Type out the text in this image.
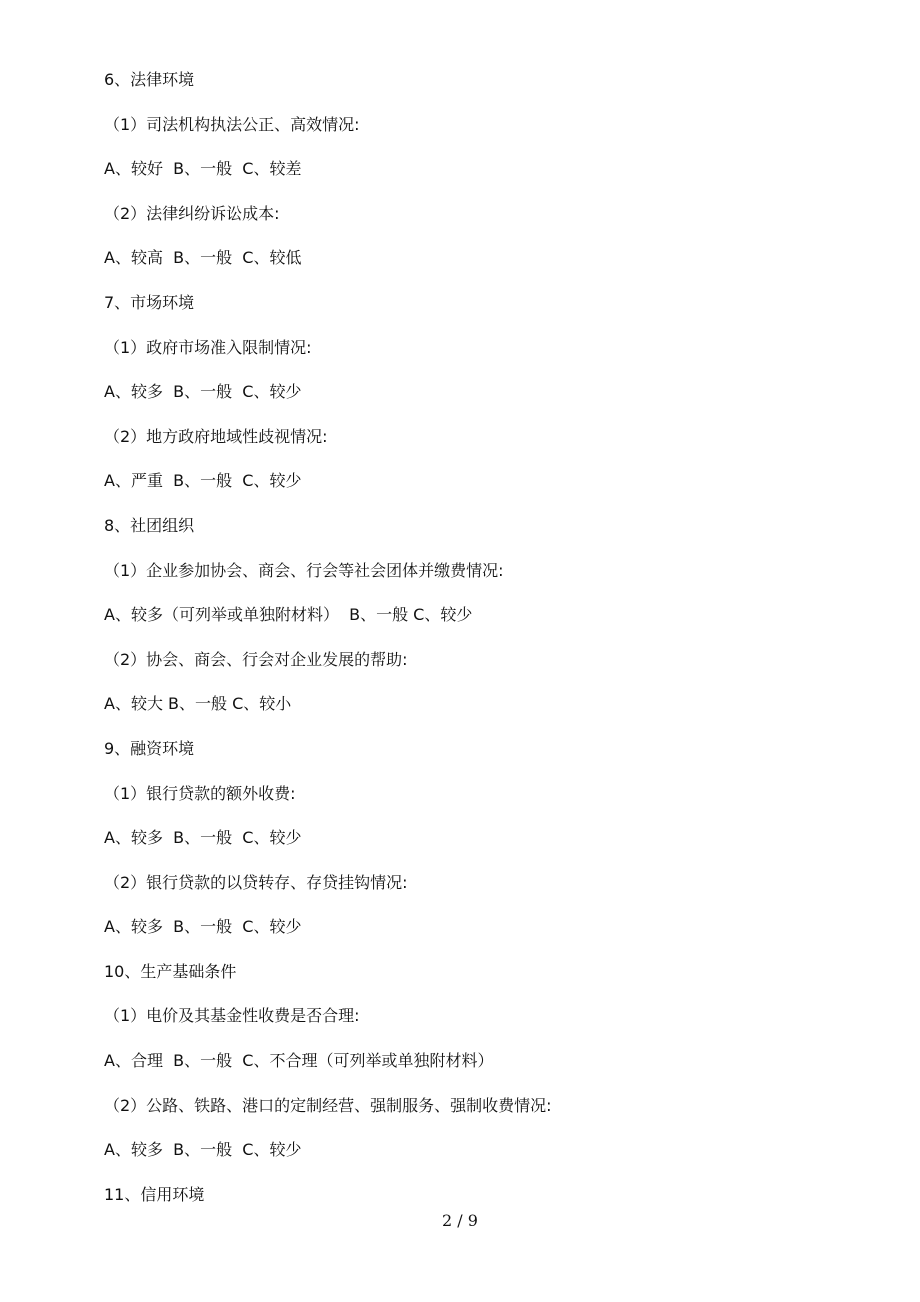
6、法律环境
（1）司法机构执法公正、高效情况:
A、较好  B、一般  C、较差
（2）法律纠纷诉讼成本:
A、较高  B、一般  C、较低
7、市场环境
（1）政府市场准入限制情况:
A、较多  B、一般  C、较少
（2）地方政府地域性歧视情况:
A、严重  B、一般  C、较少
8、社团组织
（1）企业参加协会、商会、行会等社会团体并缴费情况:
A、较多（可列举或单独附材料）  B、一般 C、较少
（2）协会、商会、行会对企业发展的帮助:
A、较大 B、一般 C、较小
9、融资环境
（1）银行贷款的额外收费:
A、较多  B、一般  C、较少
（2）银行贷款的以贷转存、存贷挂钩情况:
A、较多  B、一般  C、较少
10、生产基础条件
（1）电价及其基金性收费是否合理:
A、合理  B、一般  C、不合理（可列举或单独附材料）
（2）公路、铁路、港口的定制经营、强制服务、强制收费情况:
A、较多  B、一般  C、较少
11、信用环境
2 / 9
